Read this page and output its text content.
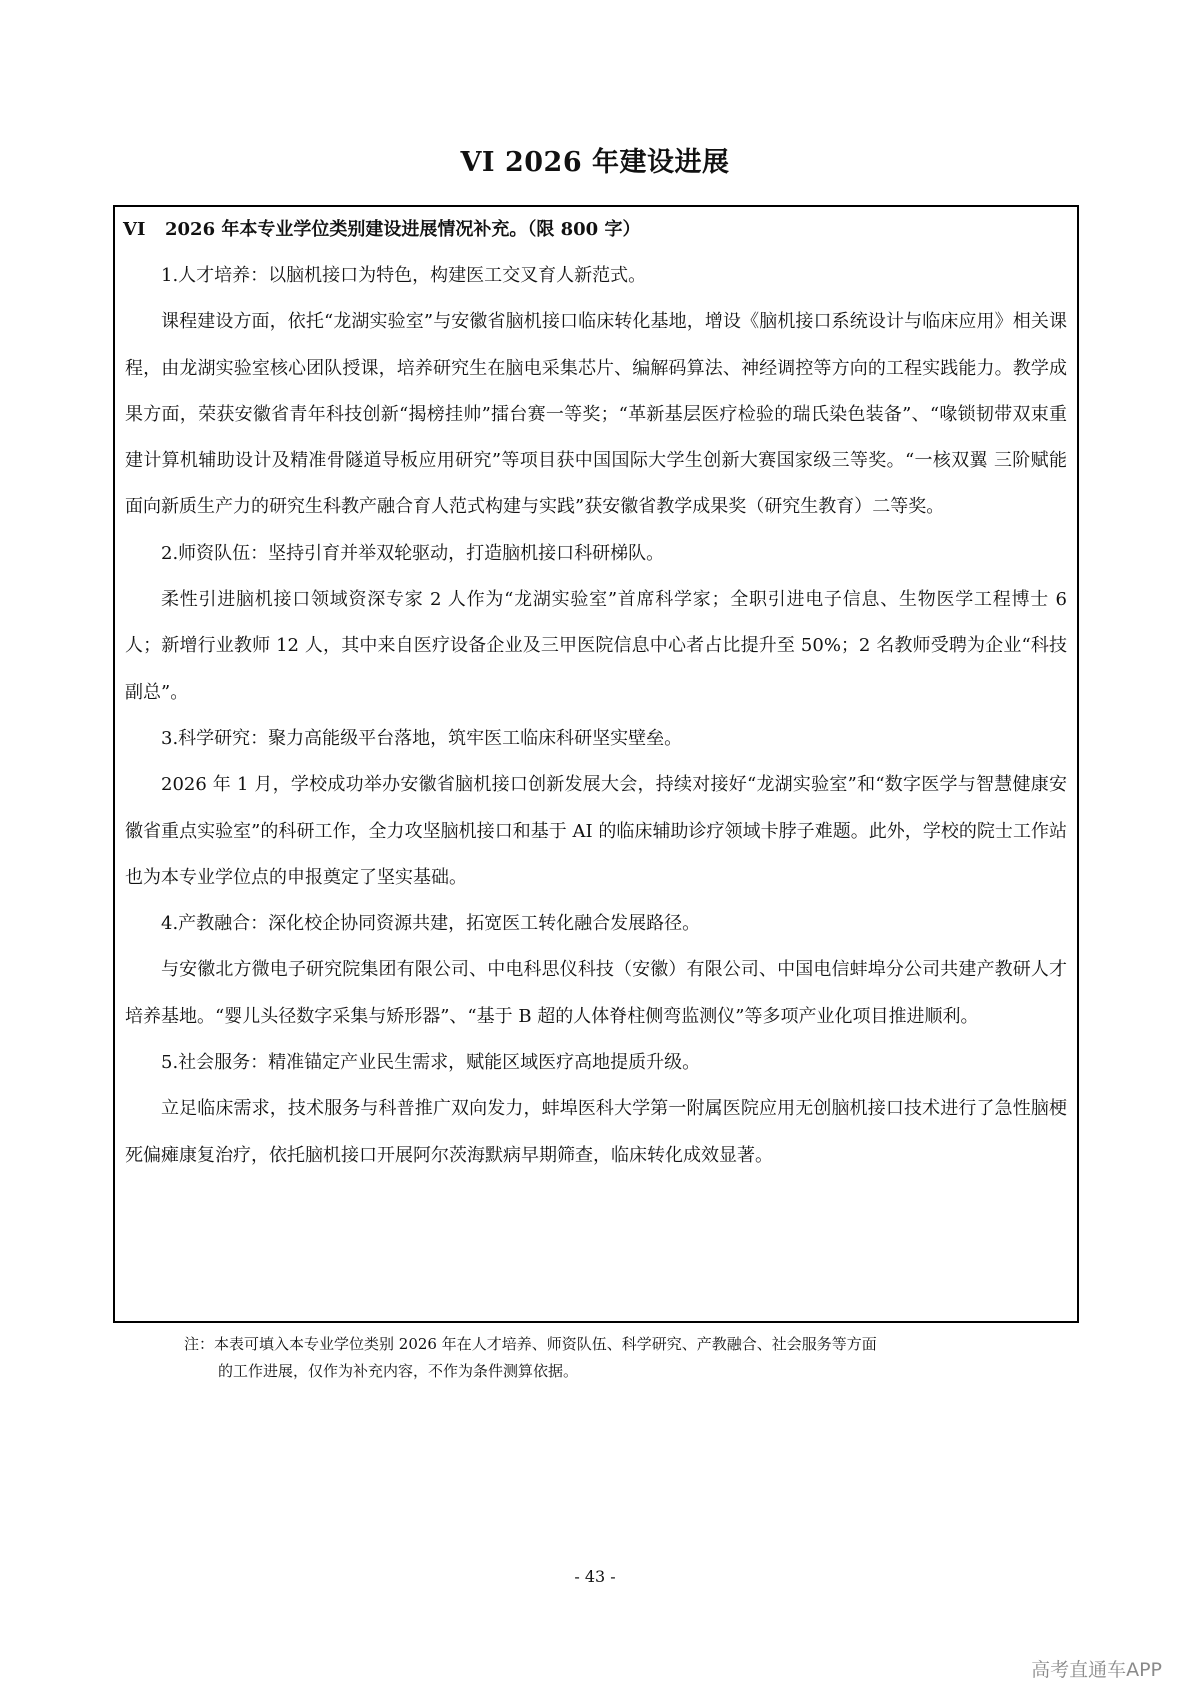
VI 2026 年建设进展
VI 2026 年本专业学位类别建设进展情况补充。（限 800 字）

1.人才培养：以脑机接口为特色，构建医工交叉育人新范式。

课程建设方面，依托“龙湖实验室”与安徽省脑机接口临床转化基地，增设《脑机接口系统设计与临床应用》相关课程，由龙湖实验室核心团队授课，培养研究生在脑电采集芯片、编解码算法、神经调控等方向的工程实践能力。教学成果方面，荣获安徽省青年科技创新“揭榜挂帅”擂台赛一等奖；“革新基层医疗检验的瑞氏染色装备”、“喙锁韧带双束重建计算机辅助设计及精准骨隧道导板应用研究”等项目获中国国际大学生创新大赛国家级三等奖。“一核双翼 三阶赋能 面向新质生产力的研究生科教产融合育人范式构建与实践”获安徽省教学成果奖（研究生教育）二等奖。

2.师资队伍：坚持引育并举双轮驱动，打造脑机接口科研梯队。

柔性引进脑机接口领域资深专家 2 人作为“龙湖实验室”首席科学家；全职引进电子信息、生物医学工程博士 6 人；新增行业教师 12 人，其中来自医疗设备企业及三甲医院信息中心者占比提升至 50%；2 名教师受聘为企业“科技副总”。

3.科学研究：聚力高能级平台落地，筑牢医工临床科研坚实壁垒。

2026 年 1 月，学校成功举办安徽省脑机接口创新发展大会，持续对接好“龙湖实验室”和“数字医学与智慧健康安徽省重点实验室”的科研工作，全力攻坚脑机接口和基于 AI 的临床辅助诊疗领域卡脖子难题。此外，学校的院士工作站也为本专业学位点的申报奠定了坚实基础。

4.产教融合：深化校企协同资源共建，拓宽医工转化融合发展路径。

与安徽北方微电子研究院集团有限公司、中电科思仪科技（安徽）有限公司、中国电信蚌埠分公司共建产教研人才培养基地。“婴儿头径数字采集与矫形器”、“基于 B 超的人体脊柱侧弯监测仪”等多项产业化项目推进顺利。

5.社会服务：精准锚定产业民生需求，赋能区域医疗高地提质升级。

立足临床需求，技术服务与科普推广双向发力，蚌埠医科大学第一附属医院应用无创脑机接口技术进行了急性脑梗死偏瘫康复治疗，依托脑机接口开展阿尔茨海默病早期筛查，临床转化成效显著。

注：本表可填入本专业学位类别 2026 年在人才培养、师资队伍、科学研究、产教融合、社会服务等方面
的工作进展，仅作为补充内容，不作为条件测算依据。
- 43 -
高考直通车APP
